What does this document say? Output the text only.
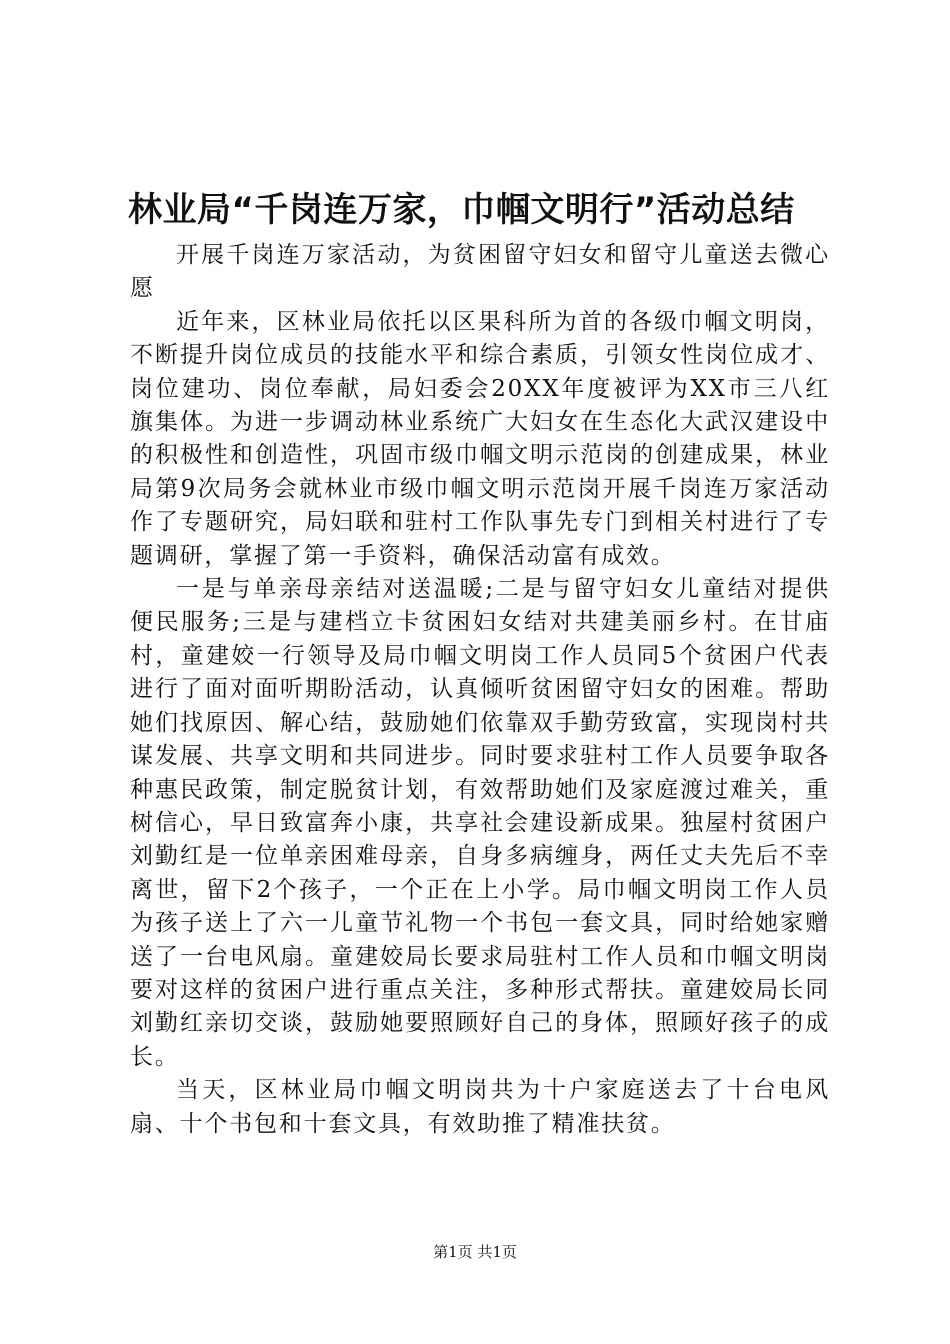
林业局“千岗连万家，巾帼文明行”活动总结

开展千岗连万家活动，为贫困留守妇女和留守儿童送去微心愿

近年来，区林业局依托以区果科所为首的各级巾帼文明岗，不断提升岗位成员的技能水平和综合素质，引领女性岗位成才、岗位建功、岗位奉献，局妇委会20XX年度被评为XX市三八红旗集体。为进一步调动林业系统广大妇女在生态化大武汉建设中的积极性和创造性，巩固市级巾帼文明示范岗的创建成果，林业局第9次局务会就林业市级巾帼文明示范岗开展千岗连万家活动作了专题研究，局妇联和驻村工作队事先专门到相关村进行了专题调研，掌握了第一手资料，确保活动富有成效。

一是与单亲母亲结对送温暖;二是与留守妇女儿童结对提供便民服务;三是与建档立卡贫困妇女结对共建美丽乡村。在甘庙村，童建姣一行领导及局巾帼文明岗工作人员同5个贫困户代表进行了面对面听期盼活动，认真倾听贫困留守妇女的困难。帮助她们找原因、解心结，鼓励她们依靠双手勤劳致富，实现岗村共谋发展、共享文明和共同进步。同时要求驻村工作人员要争取各种惠民政策，制定脱贫计划，有效帮助她们及家庭渡过难关，重树信心，早日致富奔小康，共享社会建设新成果。独屋村贫困户刘勤红是一位单亲困难母亲，自身多病缠身，两任丈夫先后不幸离世，留下2个孩子，一个正在上小学。局巾帼文明岗工作人员为孩子送上了六一儿童节礼物一个书包一套文具，同时给她家赠送了一台电风扇。童建姣局长要求局驻村工作人员和巾帼文明岗要对这样的贫困户进行重点关注，多种形式帮扶。童建姣局长同刘勤红亲切交谈，鼓励她要照顾好自己的身体，照顾好孩子的成长。

当天，区林业局巾帼文明岗共为十户家庭送去了十台电风扇、十个书包和十套文具，有效助推了精准扶贫。

第1页 共1页
